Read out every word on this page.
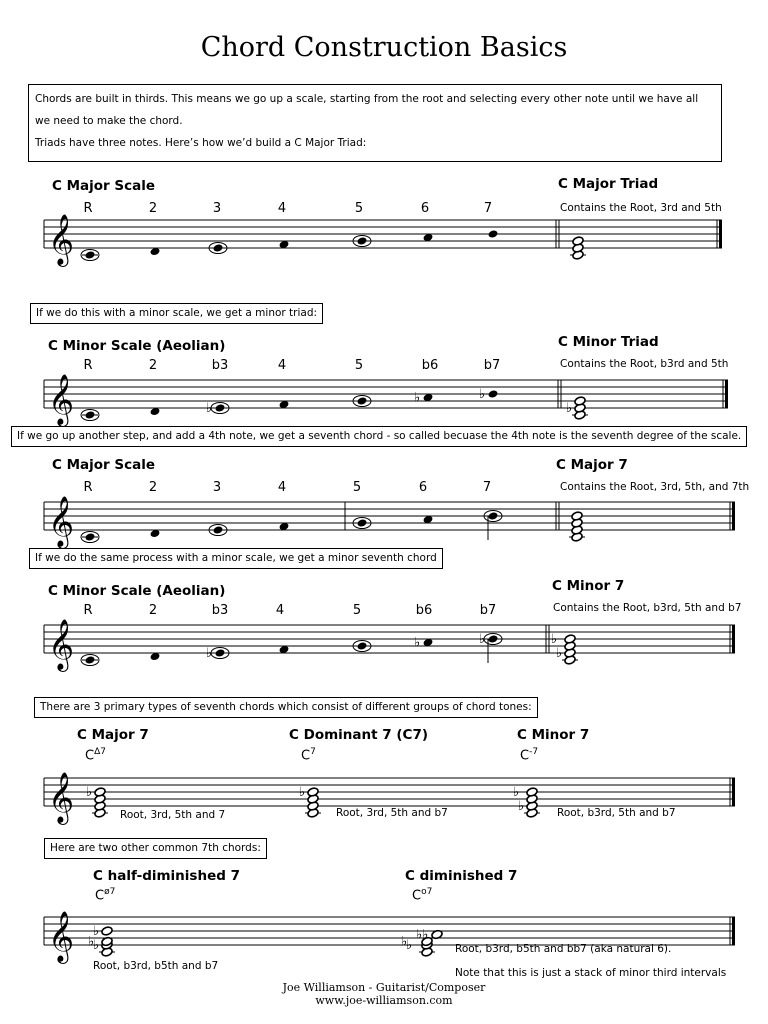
Chord Construction Basics
Chords are built in thirds. This means we go up a scale, starting from the root and selecting every other note until we have all
we need to make the chord.
Triads have three notes. Here’s how we’d build a C Major Triad:
C Major Scale	C Major Triad
Contains the Root, 3rd and 5th
R	2	3	4	5	6	7
If we do this with a minor scale, we get a minor triad:
C Minor Scale (Aeolian)	C Minor Triad
Contains the Root, b3rd and 5th
R	2	b3	4	5	b6	b7
If we go up another step, and add a 4th note, we get a seventh chord - so called becuase the 4th note is the seventh degree of the scale.
C Major Scale	C Major 7
Contains the Root, 3rd, 5th, and 7th
R	2	3	4	5	6	7
If we do the same process with a minor scale, we get a minor seventh chord
C Minor Scale (Aeolian)	C Minor 7
Contains the Root, b3rd, 5th and b7
R	2	b3	4	5	b6	b7
There are 3 primary types of seventh chords which consist of different groups of chord tones:
C Major 7
$C^{\Delta 7}$
Root, 3rd, 5th and 7
C Dominant 7 (C7)
$C^7$
Root, 3rd, 5th and b7
C Minor 7
$C^{-7}$
Root, b3rd, 5th and b7
Here are two other common 7th chords:
C half-diminished 7
$C^{ø7}$
Root, b3rd, b5th and b7
C diminished 7
$C^{o7}$
Root, b3rd, b5th and bb7 (aka natural 6).
Note that this is just a stack of minor third intervals
Joe Williamson - Guitarist/Composer
www.joe-williamson.com
𝄞
𝄞	♭
♭	♭
♭
𝄞
𝄞	♭
♭	♭
♭
♭
𝄞 ♭	♭
♭
♭
𝄞 ♭
♭
♭
♭
♭ ♭♭
